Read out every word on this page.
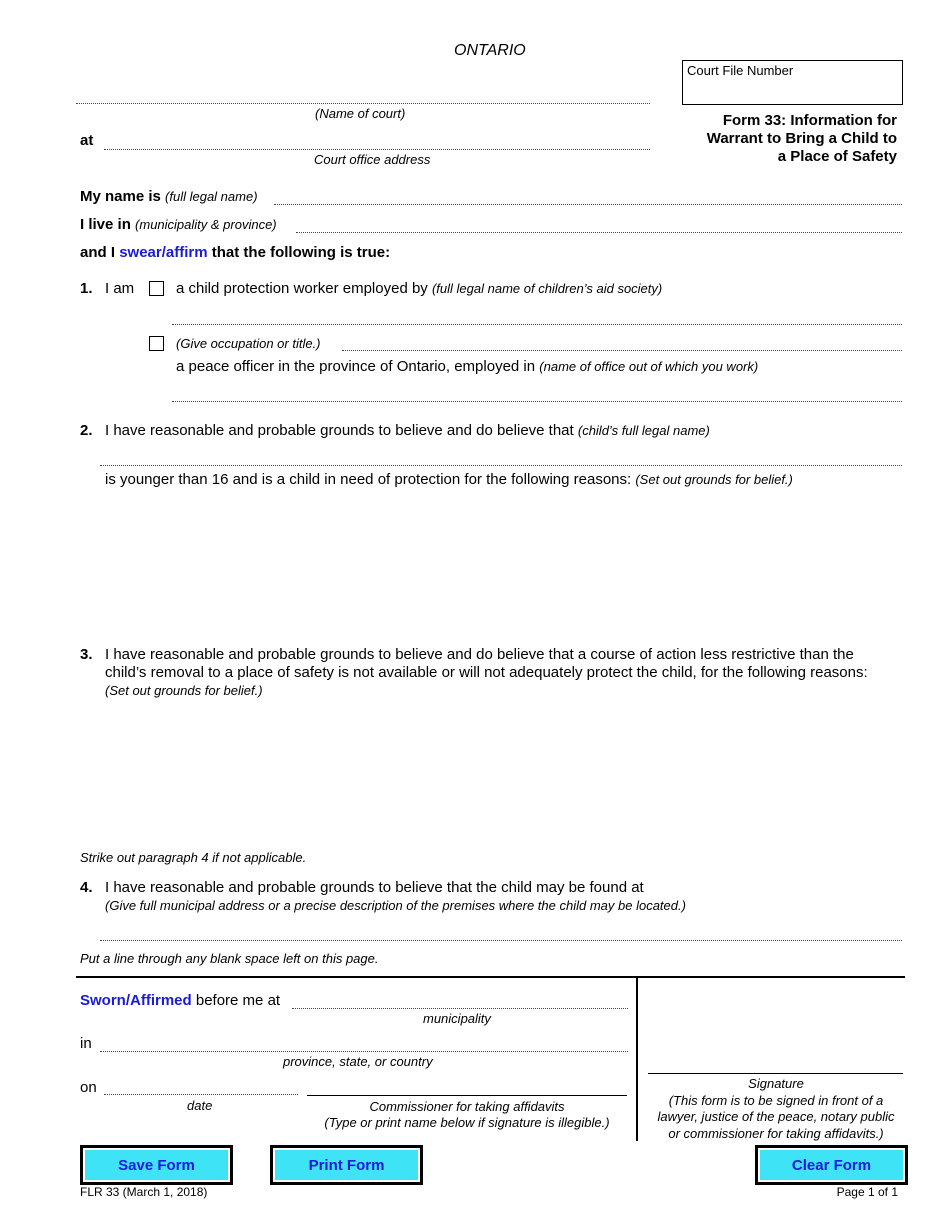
ONTARIO
Court File Number
(Name of court)
at
Court office address
Form 33: Information for
Warrant to Bring a Child to
a Place of Safety
My name is (full legal name)
I live in (municipality & province)
and I swear/affirm that the following is true:
1. I am	a child protection worker employed by (full legal name of children’s aid society)
(Give occupation or title.)
a peace officer in the province of Ontario, employed in (name of office out of which you work)
2. I have reasonable and probable grounds to believe and do believe that (child’s full legal name)
is younger than 16 and is a child in need of protection for the following reasons: (Set out grounds for belief.)
3. I have reasonable and probable grounds to believe and do believe that a course of action less restrictive than the
child’s removal to a place of safety is not available or will not adequately protect the child, for the following reasons:
(Set out grounds for belief.)
Strike out paragraph 4 if not applicable.
4. I have reasonable and probable grounds to believe that the child may be found at
(Give full municipal address or a precise description of the premises where the child may be located.)
Put a line through any blank space left on this page.
Sworn/Affirmed before me at
municipality
in
province, state, or country
on
date	Commissioner for taking affidavits
(Type or print name below if signature is illegible.)
Signature
(This form is to be signed in front of a
lawyer, justice of the peace, notary public
or commissioner for taking affidavits.)
Save Form	Print Form	Clear Form
FLR 33 (March 1, 2018)	Page 1 of 1
